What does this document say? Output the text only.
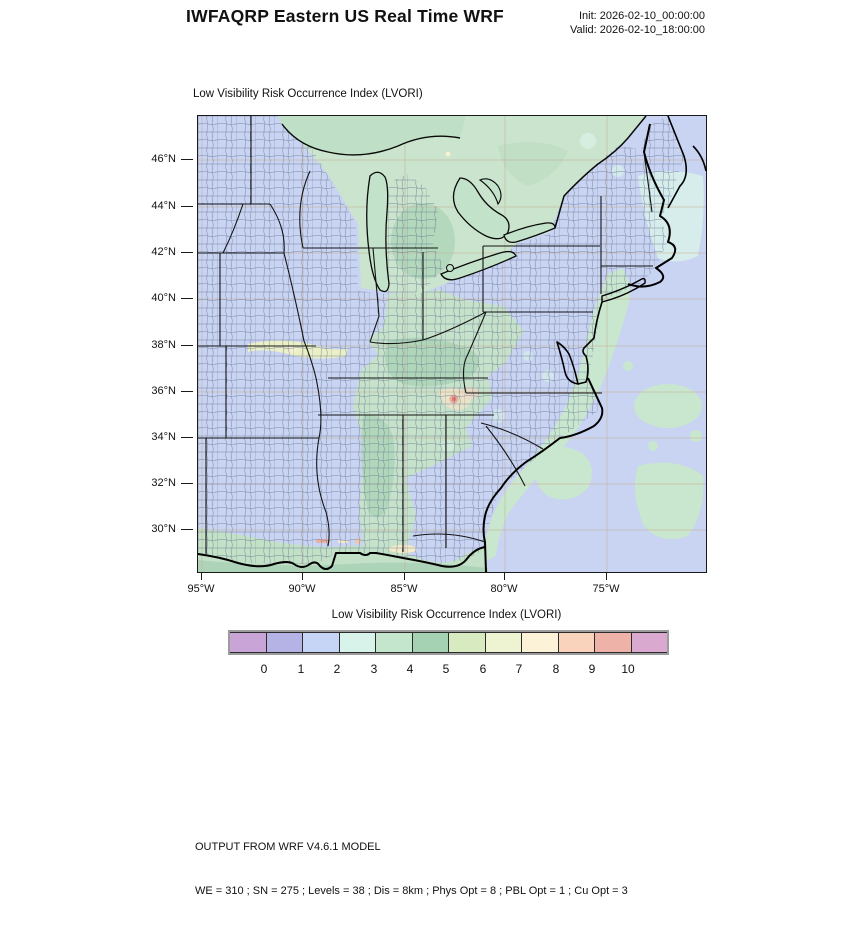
IWFAQRP Eastern US Real Time WRF	Init: 2026-02-10_00:00:00
Valid: 2026-02-10_18:00:00
Low Visibility Risk Occurrence Index (LVORI)
46°N
44°N
42°N
40°N
38°N
36°N
34°N
32°N
30°N
95°W	90°W	85°W	80°W	75°W
Low Visibility Risk Occurrence Index (LVORI)
0	1	2	3	4	5	6	7	8	9	10

OUTPUT FROM WRF V4.6.1 MODEL

WE = 310 ; SN = 275 ; Levels = 38 ; Dis = 8km ; Phys Opt = 8 ; PBL Opt = 1 ; Cu Opt = 3
